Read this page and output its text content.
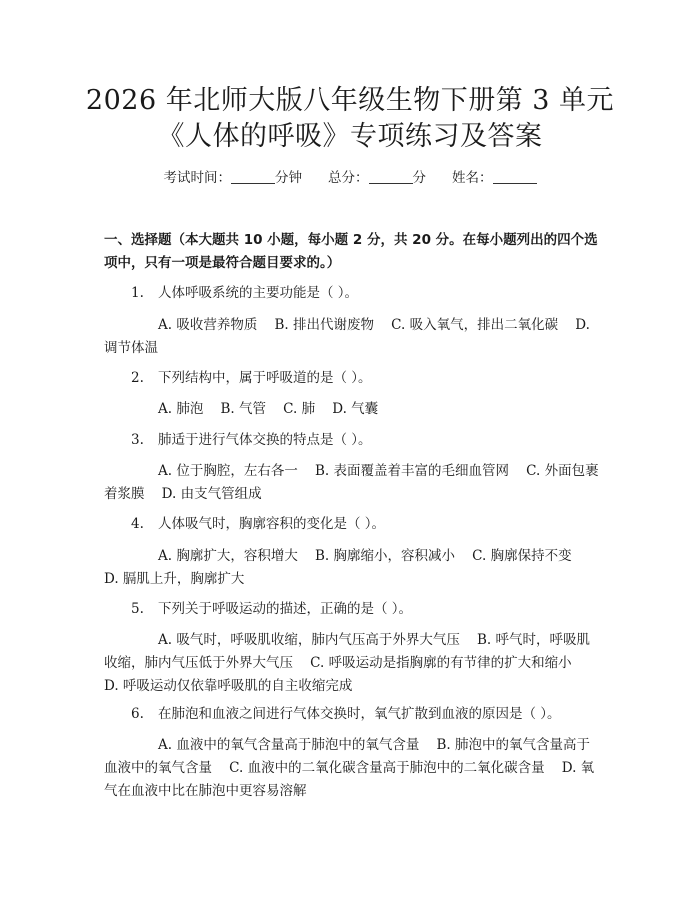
2026 年北师大版八年级生物下册第 3 单元
《人体的呼吸》专项练习及答案
考试时间：	分钟 总分：	分 姓名：
一、选择题（本大题共 10 小题，每小题 2 分，共 20 分。在每小题列出的四个选项中，只有一项是最符合题目要求的。）
1. 人体呼吸系统的主要功能是（ ）。
A. 吸收营养物质    B. 排出代谢废物    C. 吸入氧气，排出二氧化碳    D. 调节体温
2. 下列结构中，属于呼吸道的是（ ）。
A. 肺泡    B. 气管    C. 肺    D. 气囊
3. 肺适于进行气体交换的特点是（ ）。
A. 位于胸腔，左右各一    B. 表面覆盖着丰富的毛细血管网    C. 外面包裹着浆膜    D. 由支气管组成
4. 人体吸气时，胸廓容积的变化是（ ）。
A. 胸廓扩大，容积增大    B. 胸廓缩小，容积减小    C. 胸廓保持不变    D. 膈肌上升，胸廓扩大
5. 下列关于呼吸运动的描述，正确的是（ ）。
A. 吸气时，呼吸肌收缩，肺内气压高于外界大气压    B. 呼气时，呼吸肌收缩，肺内气压低于外界大气压    C. 呼吸运动是指胸廓的有节律的扩大和缩小    D. 呼吸运动仅依靠呼吸肌的自主收缩完成
6. 在肺泡和血液之间进行气体交换时，氧气扩散到血液的原因是（ ）。
A. 血液中的氧气含量高于肺泡中的氧气含量    B. 肺泡中的氧气含量高于血液中的氧气含量    C. 血液中的二氧化碳含量高于肺泡中的二氧化碳含量    D. 氧气在血液中比在肺泡中更容易溶解
